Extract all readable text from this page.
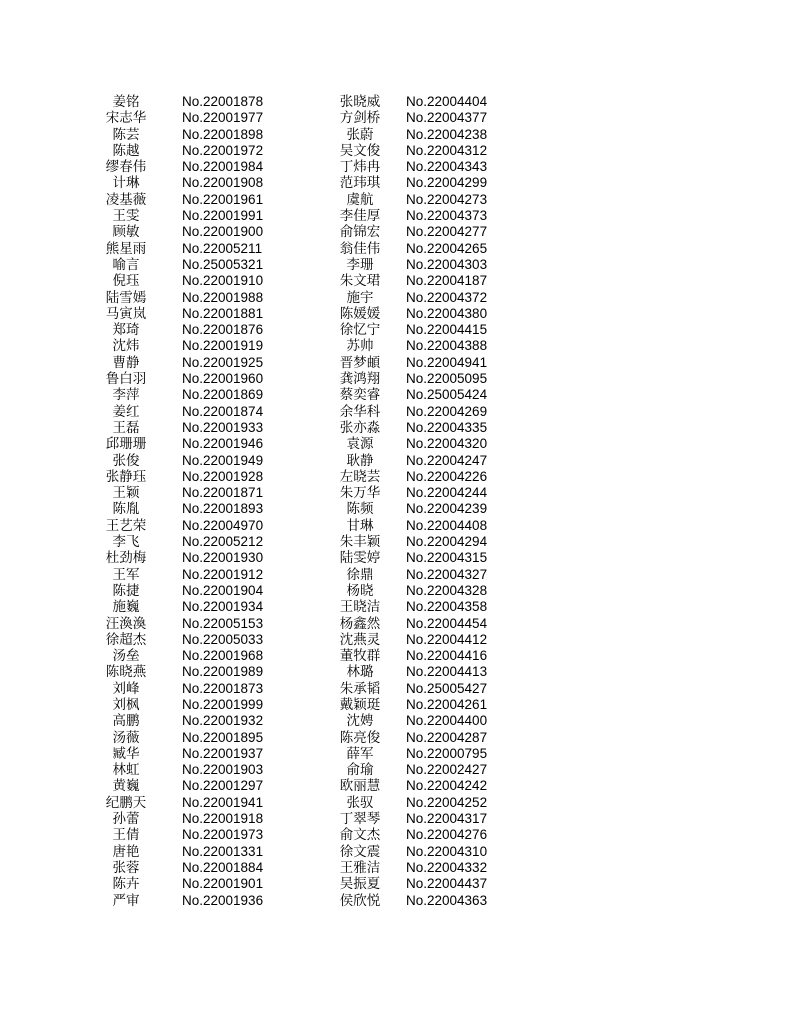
姜铭	No.22001878	张晓威	No.22004404
宋志华	No.22001977	方剑桥	No.22004377
陈芸	No.22001898	张蔚	No.22004238
陈越	No.22001972	吴文俊	No.22004312
缪春伟	No.22001984	丁炜冉	No.22004343
计琳	No.22001908	范玮琪	No.22004299
凌基薇	No.22001961	虞航	No.22004273
王雯	No.22001991	李佳厚	No.22004373
顾敏	No.22001900	俞锦宏	No.22004277
熊星雨	No.22005211	翁佳伟	No.22004265
喻言	No.25005321	李珊	No.22004303
倪珏	No.22001910	朱文珺	No.22004187
陆雪嫣	No.22001988	施宇	No.22004372
马寅岚	No.22001881	陈媛媛	No.22004380
郑琦	No.22001876	徐忆宁	No.22004415
沈炜	No.22001919	苏帅	No.22004388
曹静	No.22001925	晋梦頔	No.22004941
鲁白羽	No.22001960	龚鸿翔	No.22005095
李萍	No.22001869	蔡奕睿	No.25005424
姜红	No.22001874	余华科	No.22004269
王磊	No.22001933	张亦淼	No.22004335
邱珊珊	No.22001946	袁源	No.22004320
张俊	No.22001949	耿静	No.22004247
张静珏	No.22001928	左晓芸	No.22004226
王颖	No.22001871	朱万华	No.22004244
陈胤	No.22001893	陈频	No.22004239
王艺荣	No.22004970	甘琳	No.22004408
李飞	No.22005212	朱丰颖	No.22004294
杜劲梅	No.22001930	陆雯婷	No.22004315
王军	No.22001912	徐鼎	No.22004327
陈捷	No.22001904	杨晓	No.22004328
施巍	No.22001934	王晓洁	No.22004358
汪渙渙	No.22005153	杨鑫然	No.22004454
徐超杰	No.22005033	沈燕灵	No.22004412
汤垒	No.22001968	董牧群	No.22004416
陈晓燕	No.22001989	林璐	No.22004413
刘峰	No.22001873	朱承韬	No.25005427
刘枫	No.22001999	戴颖珽	No.22004261
高鹏	No.22001932	沈娉	No.22004400
汤薇	No.22001895	陈亮俊	No.22004287
臧华	No.22001937	薛军	No.22000795
林虹	No.22001903	俞瑜	No.22002427
黄巍	No.22001297	欧丽慧	No.22004242
纪鹏天	No.22001941	张驭	No.22004252
孙蕾	No.22001918	丁翠琴	No.22004317
王倩	No.22001973	俞文杰	No.22004276
唐艳	No.22001331	徐文震	No.22004310
张蓉	No.22001884	王雅洁	No.22004332
陈卉	No.22001901	吴振夏	No.22004437
严审	No.22001936	侯欣悦	No.22004363
